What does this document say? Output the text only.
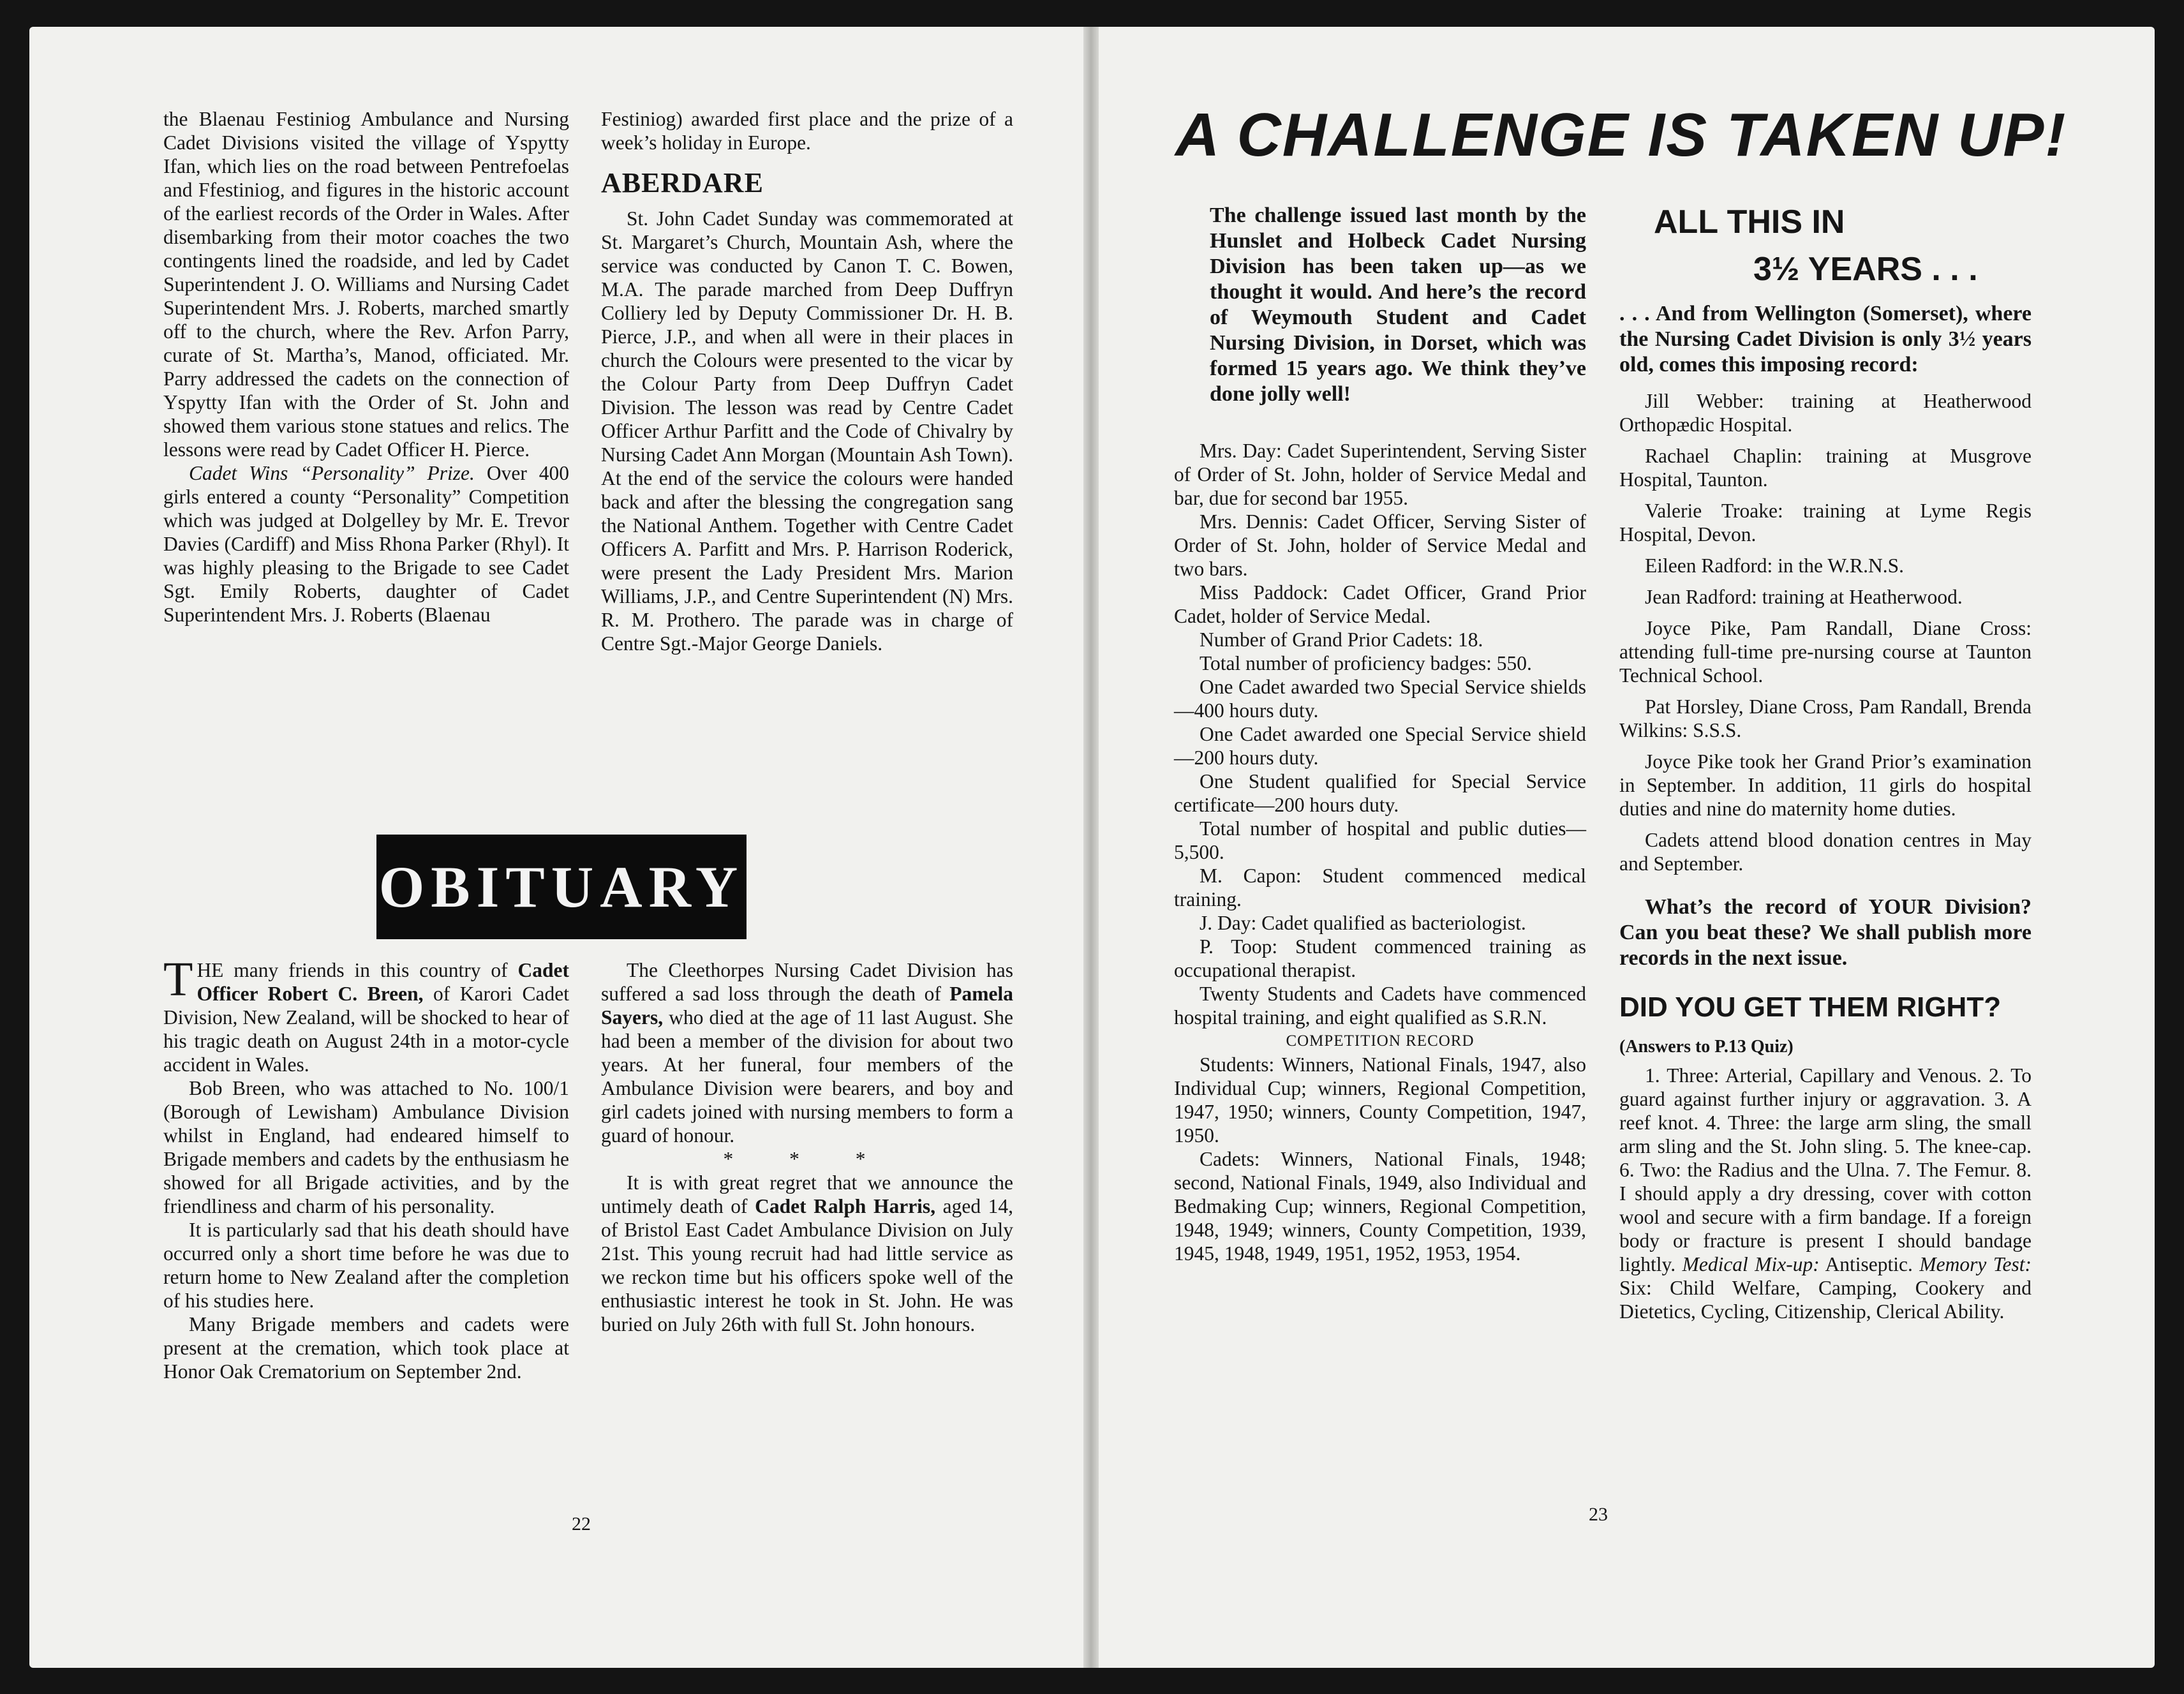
the Blaenau Festiniog Ambulance and Nursing Cadet Divisions visited the village of Yspytty Ifan, which lies on the road between Pentrefoelas and Ffestiniog, and figures in the historic account of the earliest records of the Order in Wales. After disembarking from their motor coaches the two contingents lined the roadside, and led by Cadet Superintendent J. O. Williams and Nursing Cadet Superintendent Mrs. J. Roberts, marched smartly off to the church, where the Rev. Arfon Parry, curate of St. Martha’s, Manod, officiated. Mr. Parry addressed the cadets on the connection of Yspytty Ifan with the Order of St. John and showed them various stone statues and relics. The lessons were read by Cadet Officer H. Pierce.

Cadet Wins “Personality” Prize. Over 400 girls entered a county “Personality” Competition which was judged at Dolgelley by Mr. E. Trevor Davies (Cardiff) and Miss Rhona Parker (Rhyl). It was highly pleasing to the Brigade to see Cadet Sgt. Emily Roberts, daughter of Cadet Superintendent Mrs. J. Roberts (Blaenau

Festiniog) awarded first place and the prize of a week’s holiday in Europe.

ABERDARE

St. John Cadet Sunday was commemorated at St. Margaret’s Church, Mountain Ash, where the service was conducted by Canon T. C. Bowen, M.A. The parade marched from Deep Duffryn Colliery led by Deputy Commissioner Dr. H. B. Pierce, J.P., and when all were in their places in church the Colours were presented to the vicar by the Colour Party from Deep Duffryn Cadet Division. The lesson was read by Centre Cadet Officer Arthur Parfitt and the Code of Chivalry by Nursing Cadet Ann Morgan (Mountain Ash Town). At the end of the service the colours were handed back and after the blessing the congregation sang the National Anthem. Together with Centre Cadet Officers A. Parfitt and Mrs. P. Harrison Roderick, were present the Lady President Mrs. Marion Williams, J.P., and Centre Superintendent (N) Mrs. R. M. Prothero. The parade was in charge of Centre Sgt.-Major George Daniels.

OBITUARY

THE many friends in this country of Cadet Officer Robert C. Breen, of Karori Cadet Division, New Zealand, will be shocked to hear of his tragic death on August 24th in a motor-cycle accident in Wales.

Bob Breen, who was attached to No. 100/1 (Borough of Lewisham) Ambulance Division whilst in England, had endeared himself to Brigade members and cadets by the enthusiasm he showed for all Brigade activities, and by the friendliness and charm of his personality.

It is particularly sad that his death should have occurred only a short time before he was due to return home to New Zealand after the completion of his studies here.

Many Brigade members and cadets were present at the cremation, which took place at Honor Oak Crematorium on September 2nd.

The Cleethorpes Nursing Cadet Division has suffered a sad loss through the death of Pamela Sayers, who died at the age of 11 last August. She had been a member of the division for about two years. At her funeral, four members of the Ambulance Division were bearers, and boy and girl cadets joined with nursing members to form a guard of honour.

* * *

It is with great regret that we announce the untimely death of Cadet Ralph Harris, aged 14, of Bristol East Cadet Ambulance Division on July 21st. This young recruit had had little service as we reckon time but his officers spoke well of the enthusiastic interest he took in St. John. He was buried on July 26th with full St. John honours.

22
A CHALLENGE IS TAKEN UP!

The challenge issued last month by the Hunslet and Holbeck Cadet Nursing Division has been taken up—as we thought it would. And here’s the record of Weymouth Student and Cadet Nursing Division, in Dorset, which was formed 15 years ago. We think they’ve done jolly well!

Mrs. Day: Cadet Superintendent, Serving Sister of Order of St. John, holder of Service Medal and bar, due for second bar 1955.

Mrs. Dennis: Cadet Officer, Serving Sister of Order of St. John, holder of Service Medal and two bars.

Miss Paddock: Cadet Officer, Grand Prior Cadet, holder of Service Medal.

Number of Grand Prior Cadets: 18.

Total number of proficiency badges: 550.

One Cadet awarded two Special Service shields—400 hours duty.

One Cadet awarded one Special Service shield—200 hours duty.

One Student qualified for Special Service certificate—200 hours duty.

Total number of hospital and public duties—5,500.

M. Capon: Student commenced medical training.

J. Day: Cadet qualified as bacteriologist.

P. Toop: Student commenced training as occupational therapist.

Twenty Students and Cadets have commenced hospital training, and eight qualified as S.R.N.

COMPETITION RECORD

Students: Winners, National Finals, 1947, also Individual Cup; winners, Regional Competition, 1947, 1950; winners, County Competition, 1947, 1950.

Cadets: Winners, National Finals, 1948; second, National Finals, 1949, also Individual and Bedmaking Cup; winners, Regional Competition, 1948, 1949; winners, County Competition, 1939, 1945, 1948, 1949, 1951, 1952, 1953, 1954.

ALL THIS IN
3½ YEARS . . .

. . . And from Wellington (Somerset), where the Nursing Cadet Division is only 3½ years old, comes this imposing record:

Jill Webber: training at Heatherwood Orthopædic Hospital.

Rachael Chaplin: training at Musgrove Hospital, Taunton.

Valerie Troake: training at Lyme Regis Hospital, Devon.

Eileen Radford: in the W.R.N.S.

Jean Radford: training at Heatherwood.

Joyce Pike, Pam Randall, Diane Cross: attending full-time pre-nursing course at Taunton Technical School.

Pat Horsley, Diane Cross, Pam Randall, Brenda Wilkins: S.S.S.

Joyce Pike took her Grand Prior’s examination in September. In addition, 11 girls do hospital duties and nine do maternity home duties.

Cadets attend blood donation centres in May and September.

What’s the record of YOUR Division? Can you beat these? We shall publish more records in the next issue.

DID YOU GET THEM RIGHT?

(Answers to P.13 Quiz)

1. Three: Arterial, Capillary and Venous. 2. To guard against further injury or aggravation. 3. A reef knot. 4. Three: the large arm sling, the small arm sling and the St. John sling. 5. The knee-cap. 6. Two: the Radius and the Ulna. 7. The Femur. 8. I should apply a dry dressing, cover with cotton wool and secure with a firm bandage. If a foreign body or fracture is present I should bandage lightly. Medical Mix-up: Antiseptic. Memory Test: Six: Child Welfare, Camping, Cookery and Dietetics, Cycling, Citizenship, Clerical Ability.

23
